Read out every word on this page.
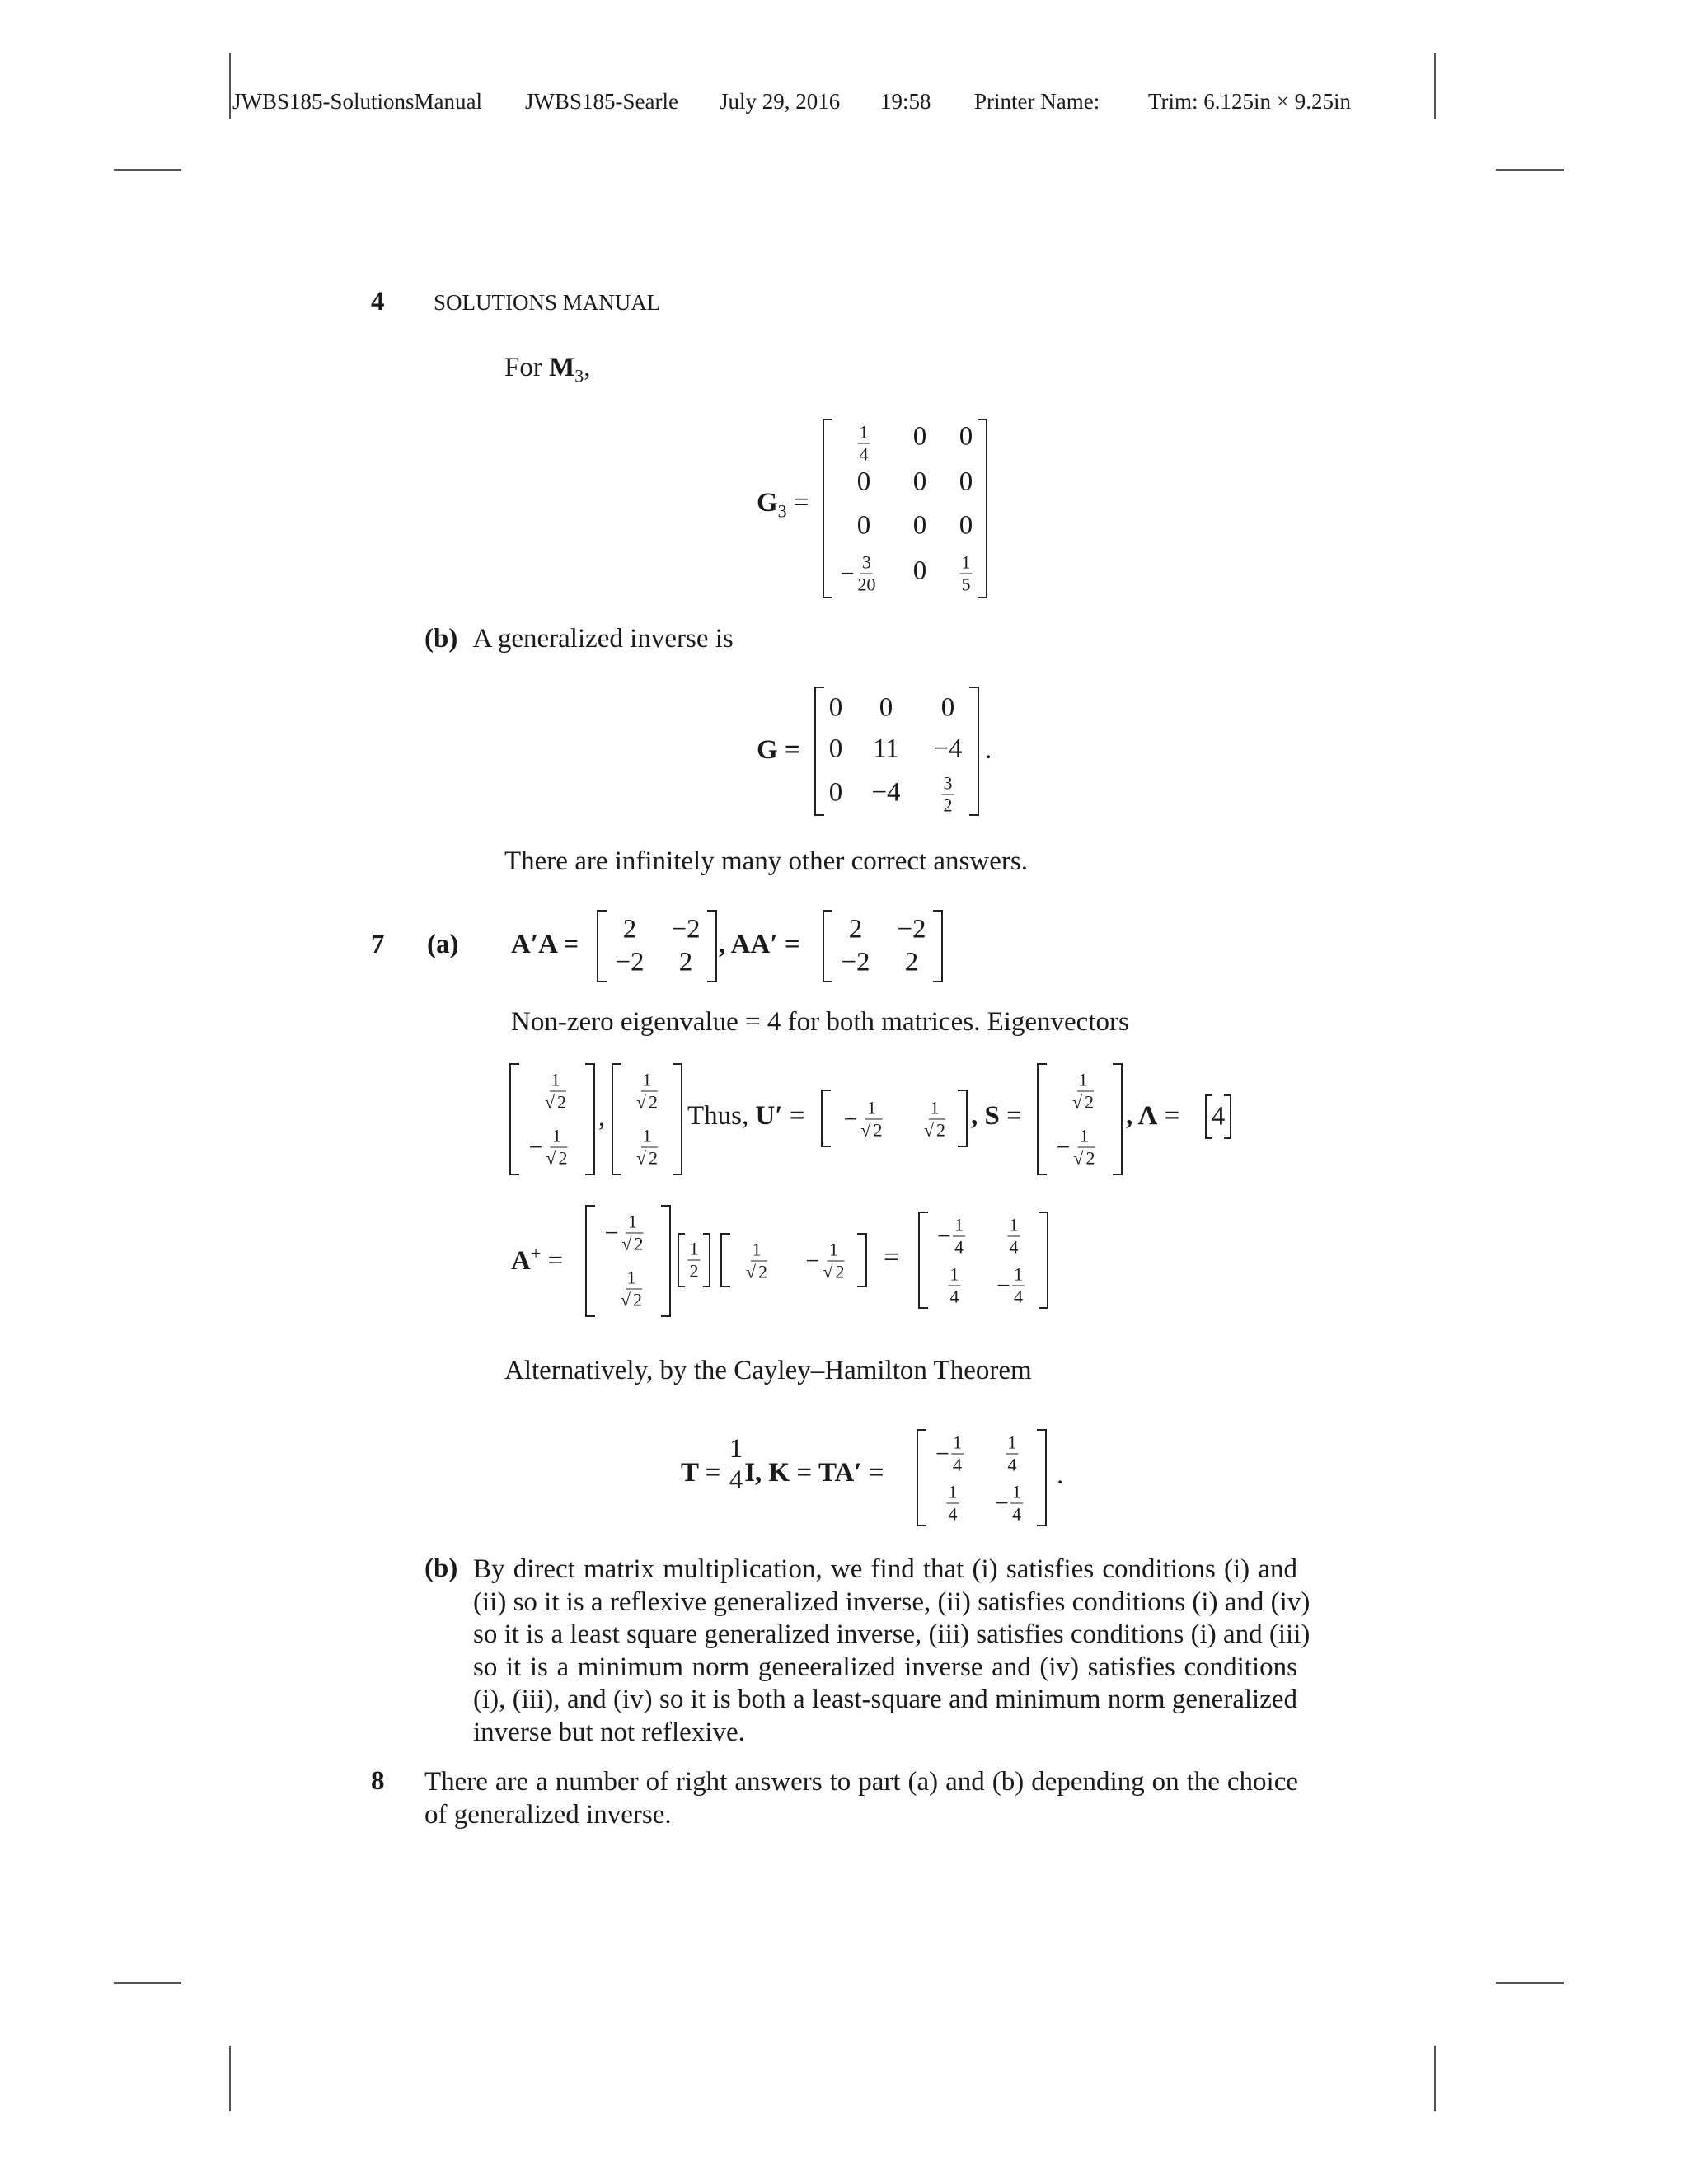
JWBS185-SolutionsManual JWBS185-Searle July 29, 2016 19:58 Printer Name: Trim: 6.125in × 9.25in
4 SOLUTIONS MANUAL
For $M_3$,
$G_3$ =
$\frac{1}{4} 0$ 0
0 0 0
0 0 0
− $\frac{3}{20} 0 \frac{1}{5}$
(b) A generalized inverse is
G =
0 0 0
0 11 −4
$0 -4 \frac{3}{2}$
.
There are infinitely many other correct answers.
7 (a) A′A =
2 −2
−2 2
, AA′ =
2 −2
−2 2
Non-zero eigenvalue = 4 for both matrices. Eigenvectors
$\frac{1}{√ 2}$
− $\frac{1}{√ 2}$
,
$\frac{1}{√ 2}$
$\frac{1}{√ 2}$
Thus, U′ = − $\frac{1}{√ 2} \frac{1}{√ 2}$ , S =
$\frac{1}{√ 2}$
− $\frac{1}{√ 2}$
, Λ = 4
A+ =
− $\frac{1}{√ 2}$
$\frac{1}{√ 2}$
$\frac{1}{2} \frac{1}{√ 2} - \frac{1}{√ 2}$ =
− $\frac{1}{4} \frac{1}{4}$
$\frac{1}{4} - \frac{1}{4}$
Alternatively, by the Cayley–Hamilton Theorem
$T = \frac{1}{4} I$, K = TA′ =
− $\frac{1}{4} \frac{1}{4}$
$\frac{1}{4} - \frac{1}{4}$
.
(b) By direct matrix multiplication, we find that (i) satisfies conditions (i) and
(ii) so it is a reflexive generalized inverse, (ii) satisfies conditions (i) and (iv)
so it is a least square generalized inverse, (iii) satisfies conditions (i) and (iii)
so it is a minimum norm geneeralized inverse and (iv) satisfies conditions
(i), (iii), and (iv) so it is both a least-square and minimum norm generalized
inverse but not reflexive.
8 There are a number of right answers to part (a) and (b) depending on the choice
of generalized inverse.
